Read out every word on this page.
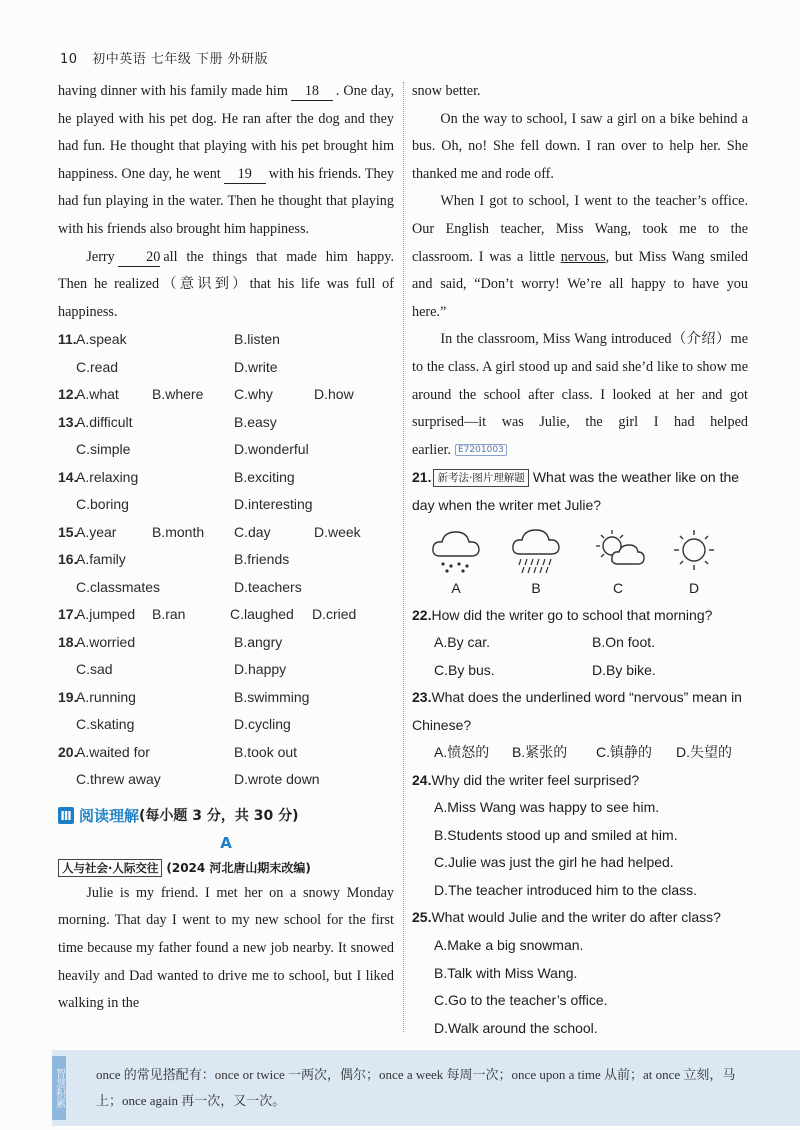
10 初中英语 七年级 下册 外研版

having dinner with his family made him 18 . One day, he played with his pet dog. He ran after the dog and they had fun. He thought that playing with his pet brought him happiness. One day, he went 19 with his friends. They had fun playing in the water. Then he thought that playing with his friends also brought him happiness.

Jerry 20 all the things that made him happy. Then he realized（意识到）that his life was full of happiness.

11. A.speak	B.listen
C.read	D.write
12.
A.what B.where C.why	D.how
13.
A.difficult	B.easy
C.simple	D.wonderful
14.
A.relaxing	B.exciting
C.boring	D.interesting
15.
A.year	B.month C.day	D.week
16.
A.family	B.friends
C.classmates	D.teachers
17.
A.jumped B.ran	C.laughed D.cried
18.
A.worried	B.angry
C.sad	D.happy
19.
A.running	B.swimming
C.skating	D.cycling
20.
A.waited for	B.took out
C.threw away	D.wrote down
Ⅲ 阅读理解 (每小题 3 分，共 30 分)
A
人与社会·人际交往 (2024 河北唐山期末改编)

Julie is my friend. I met her on a snowy Monday morning. That day I went to my new school for the first time because my father found a new job nearby. It snowed heavily and Dad wanted to drive me to school, but I liked walking in the

snow better.

On the way to school, I saw a girl on a bike behind a bus. Oh, no! She fell down. I ran over to help her. She thanked me and rode off.

When I got to school, I went to the teacher’s office. Our English teacher, Miss Wang, took me to the classroom. I was a little nervous, but Miss Wang smiled and said, “Don’t worry! We’re all happy to have you here.”

In the classroom, Miss Wang introduced（介绍）me to the class. A girl stood up and said she’d like to show me around the school after class. I looked at her and got surprised—it was Julie, the girl I had helped earlier. E7201003

21. 新考法·图片理解题 What was the weather like on the day when the writer met Julie?
A	B	C	D
22.How did the writer go to school that morning?
A.By car.	B.On foot.
C.By bus.	D.By bike.
23.What does the underlined word “nervous” mean in Chinese?
A.愤怒的 B.紧张的 C.镇静的 D.失望的
24.Why did the writer feel surprised?
A.Miss Wang was happy to see him.
B.Students stood up and smiled at him.
C.Julie was just the girl he had helped.
D.The teacher introduced him to the class.
25.What would Julie and the writer do after class?
A.Make a big snowman.
B.Talk with Miss Wang.
C.Go to the teacher’s office.
D.Walk around the school.
智慧积累 once 的常见搭配有：once or twice 一两次，偶尔；once a week 每周一次；once upon a time 从前；at once 立刻，马上；once again 再一次，又一次。
